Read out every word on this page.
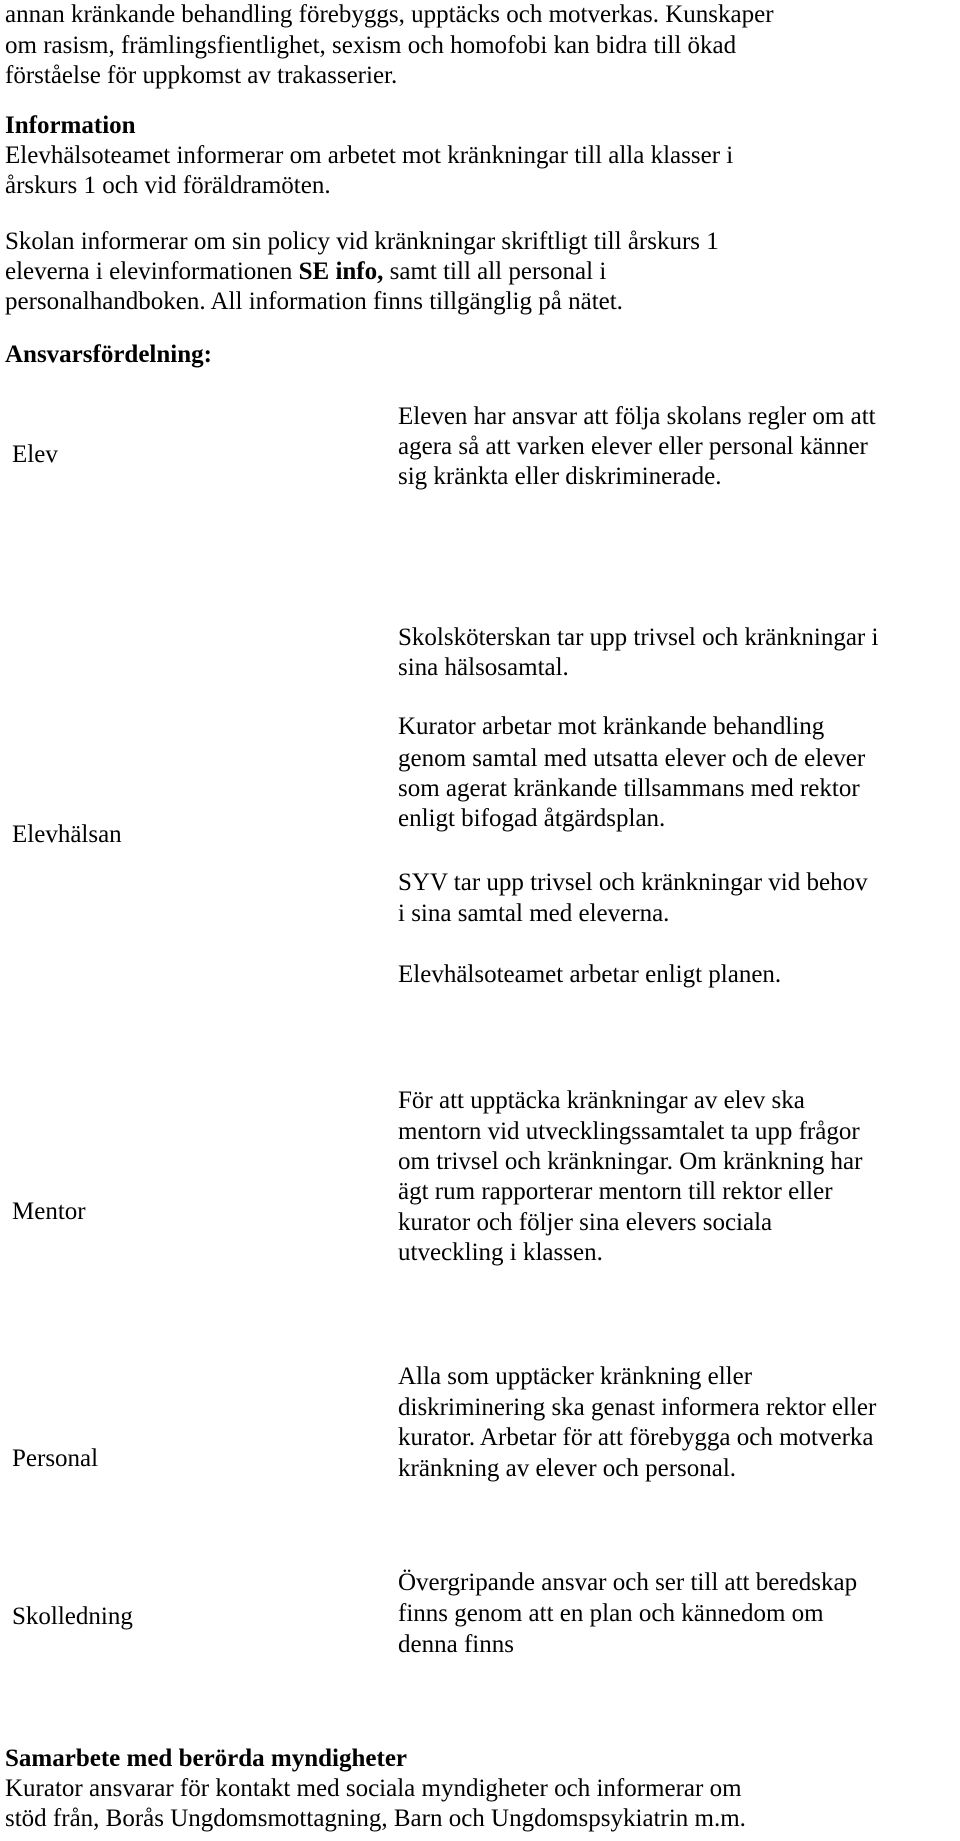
annan kränkande behandling förebyggs, upptäcks och motverkas. Kunskaper
om rasism, främlingsfientlighet, sexism och homofobi kan bidra till ökad
förståelse för uppkomst av trakasserier.
Information
Elevhälsoteamet informerar om arbetet mot kränkningar till alla klasser i
årskurs 1 och vid föräldramöten.
Skolan informerar om sin policy vid kränkningar skriftligt till årskurs 1
eleverna i elevinformationen SE info, samt till all personal i
personalhandboken. All information finns tillgänglig på nätet.
Ansvarsfördelning:
Elev
Eleven har ansvar att följa skolans regler om att
agera så att varken elever eller personal känner
sig kränkta eller diskriminerade.
Elevhälsan
Skolsköterskan tar upp trivsel och kränkningar i
sina hälsosamtal.
Kurator arbetar mot kränkande behandling
genom samtal med utsatta elever och de elever
som agerat kränkande tillsammans med rektor
enligt bifogad åtgärdsplan.
SYV tar upp trivsel och kränkningar vid behov
i sina samtal med eleverna.
Elevhälsoteamet arbetar enligt planen.
Mentor
För att upptäcka kränkningar av elev ska
mentorn vid utvecklingssamtalet ta upp frågor
om trivsel och kränkningar. Om kränkning har
ägt rum rapporterar mentorn till rektor eller
kurator och följer sina elevers sociala
utveckling i klassen.
Personal
Alla som upptäcker kränkning eller
diskriminering ska genast informera rektor eller
kurator. Arbetar för att förebygga och motverka
kränkning av elever och personal.
Skolledning
Övergripande ansvar och ser till att beredskap
finns genom att en plan och kännedom om
denna finns
Samarbete med berörda myndigheter
Kurator ansvarar för kontakt med sociala myndigheter och informerar om
stöd från, Borås Ungdomsmottagning, Barn och Ungdomspsykiatrin m.m.
